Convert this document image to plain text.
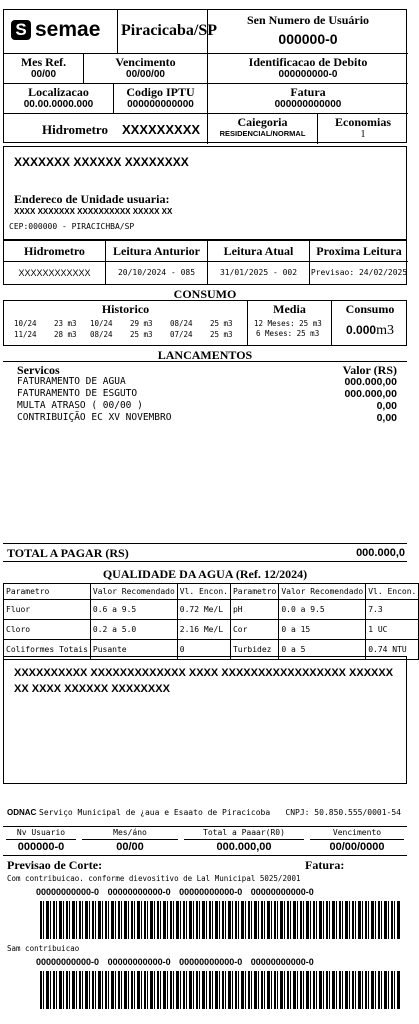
S semae Piracicaba/SP
Sen Numero de Usuário
000000-0
Mes Ref.
00/00
Vencimento
00/00/00
Identificacao de Debito
000000000-0
Localizacao
00.00.0000.000
Codigo IPTU
000000000000
Fatura
000000000000
Hidrometro XXXXXXXXX	Caiegoria
RESIDENCIAL/NORMAL
Economias
1
XXXXXXX XXXXXX XXXXXXXX
Endereco de Unidade usuaria:
XXXX XXXXXXX XXXXXXXXXX XXXXX XX
CEP:000000 - PIRACICHBA/SP
Hidrometro	Leitura Anturior	Leitura Atual	Proxima Leitura
XXXXXXXXXXXX	20/10/2024 - 085	31/01/2025 - 002	Previsao: 24/02/2025
CONSUMO
Historico
10/24 23 m3 10/24 29 m3 08/24 25 m3
11/24 28 m3 08/24 25 m3 07/24 25 m3
Media
12 Meses: 25 m3
6 Meses: 25 m3
Consumo
0.000m3
LANCAMENTOS
Servicos	Valor (RS)
FATURAMENTO DE AGUA	000.000,00
FATURAMENTO DE ESGUTO	000.000,00
MULTA ATRASO ( 00/00 )	0,00
CONTRIBUIÇÃO EC XV NOVEMBRO	0,00
TOTAL A PAGAR (RS)	000.000,0
QUALIDADE DA AGUA (Ref. 12/2024)
Parametro	Valor Recomendado	Vl. Encon.	Parametro	Valor Recomendado	Vl. Encon.
Fluor	0.6 a 9.5	0.72 Me/L	pH	0.0 a 9.5	7.3
Cloro	0.2 a 5.0	2.16 Me/L	Cor	0 a 15	1 UC
Coliformes Totais	Pusante	0	Turbidez	0 a 5	0.74 NTU
XXXXXXXXXX XXXXXXXXXXXXX XXXX XXXXXXXXXXXXXXXXX XXXXXX XX XXXX XXXXXX XXXXXXXX
ODNAC Serviço Municipal de ¿aua e Esaato de Piracicoba CNPJ: 50.850.555/0001-54
Nv Usuario
000000-0
Mes/áno
00/00
Total a Paaar(R0)
000.000,00
Vencimento
00/00/0000
Previsao de Corte:	Fatura:
Com contribuicao. conforme dievositivo de Lal Municipal 5025/2001
00000000000-0 00000000000-0 00000000000-0 00000000000-0
Sam contribuicao
00000000000-0 00000000000-0 00000000000-0 00000000000-0
